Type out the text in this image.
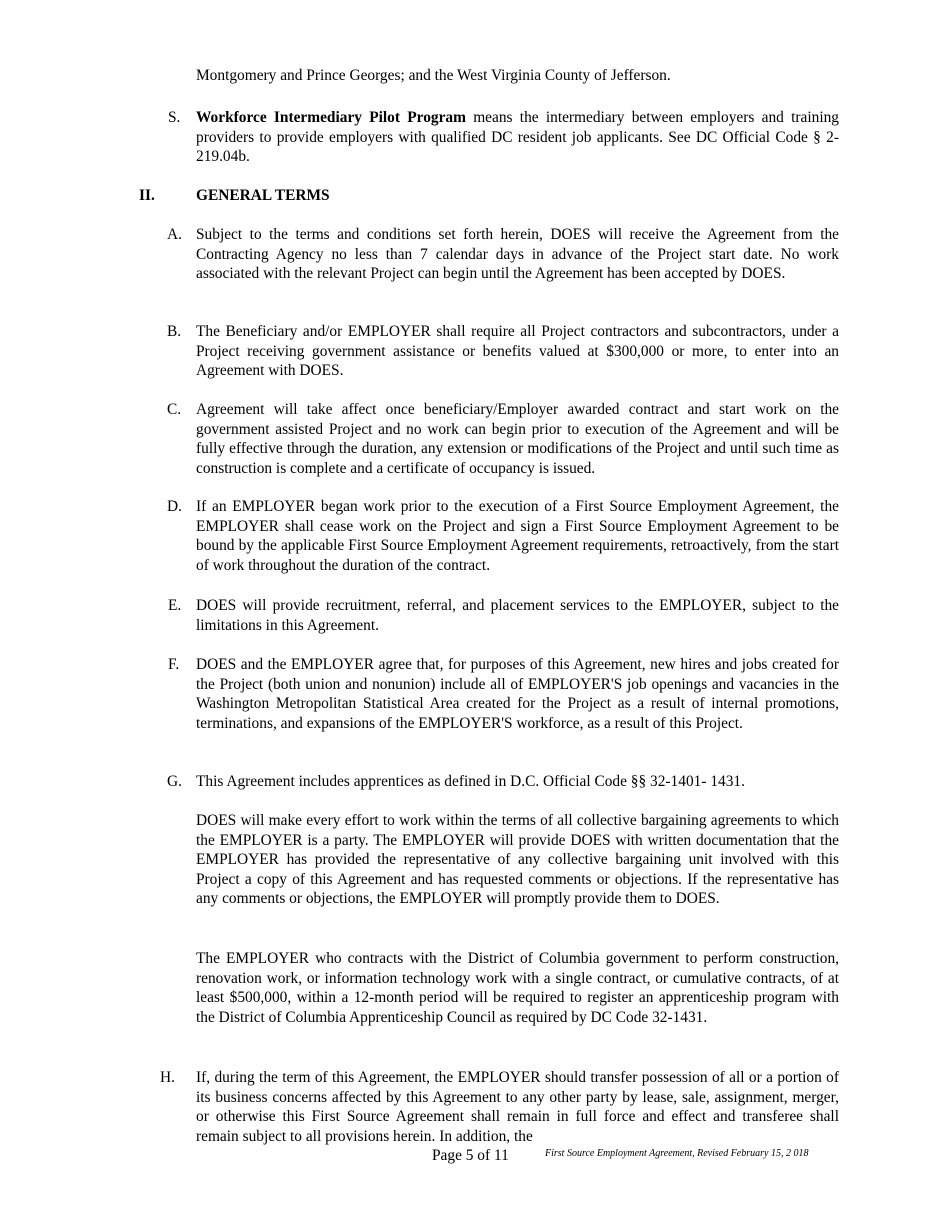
Montgomery and Prince Georges; and the West Virginia County of Jefferson.
S. Workforce Intermediary Pilot Program means the intermediary between employers and training providers to provide employers with qualified DC resident job applicants. See DC Official Code § 2-219.04b.
II.	GENERAL TERMS
A. Subject to the terms and conditions set forth herein, DOES will receive the Agreement from the Contracting Agency no less than 7 calendar days in advance of the Project start date. No work associated with the relevant Project can begin until the Agreement has been accepted by DOES.
B. The Beneficiary and/or EMPLOYER shall require all Project contractors and subcontractors, under a Project receiving government assistance or benefits valued at $300,000 or more, to enter into an Agreement with DOES.
C. Agreement will take affect once beneficiary/Employer awarded contract and start work on the government assisted Project and no work can begin prior to execution of the Agreement and will be fully effective through the duration, any extension or modifications of the Project and until such time as construction is complete and a certificate of occupancy is issued.
D. If an EMPLOYER began work prior to the execution of a First Source Employment Agreement, the EMPLOYER shall cease work on the Project and sign a First Source Employment Agreement to be bound by the applicable First Source Employment Agreement requirements, retroactively, from the start of work throughout the duration of the contract.
E. DOES will provide recruitment, referral, and placement services to the EMPLOYER, subject to the limitations in this Agreement.
F. DOES and the EMPLOYER agree that, for purposes of this Agreement, new hires and jobs created for the Project (both union and nonunion) include all of EMPLOYER'S job openings and vacancies in the Washington Metropolitan Statistical Area created for the Project as a result of internal promotions, terminations, and expansions of the EMPLOYER'S workforce, as a result of this Project.
G. This Agreement includes apprentices as defined in D.C. Official Code §§ 32-1401- 1431.
DOES will make every effort to work within the terms of all collective bargaining agreements to which the EMPLOYER is a party. The EMPLOYER will provide DOES with written documentation that the EMPLOYER has provided the representative of any collective bargaining unit involved with this Project a copy of this Agreement and has requested comments or objections. If the representative has any comments or objections, the EMPLOYER will promptly provide them to DOES.
The EMPLOYER who contracts with the District of Columbia government to perform construction, renovation work, or information technology work with a single contract, or cumulative contracts, of at least $500,000, within a 12-month period will be required to register an apprenticeship program with the District of Columbia Apprenticeship Council as required by DC Code 32-1431.
H. If, during the term of this Agreement, the EMPLOYER should transfer possession of all or a portion of its business concerns affected by this Agreement to any other party by lease, sale, assignment, merger, or otherwise this First Source Agreement shall remain in full force and effect and transferee shall remain subject to all provisions herein. In addition, the
Page 5 of 11	First Source Employment Agreement, Revised February 15, 2 018
